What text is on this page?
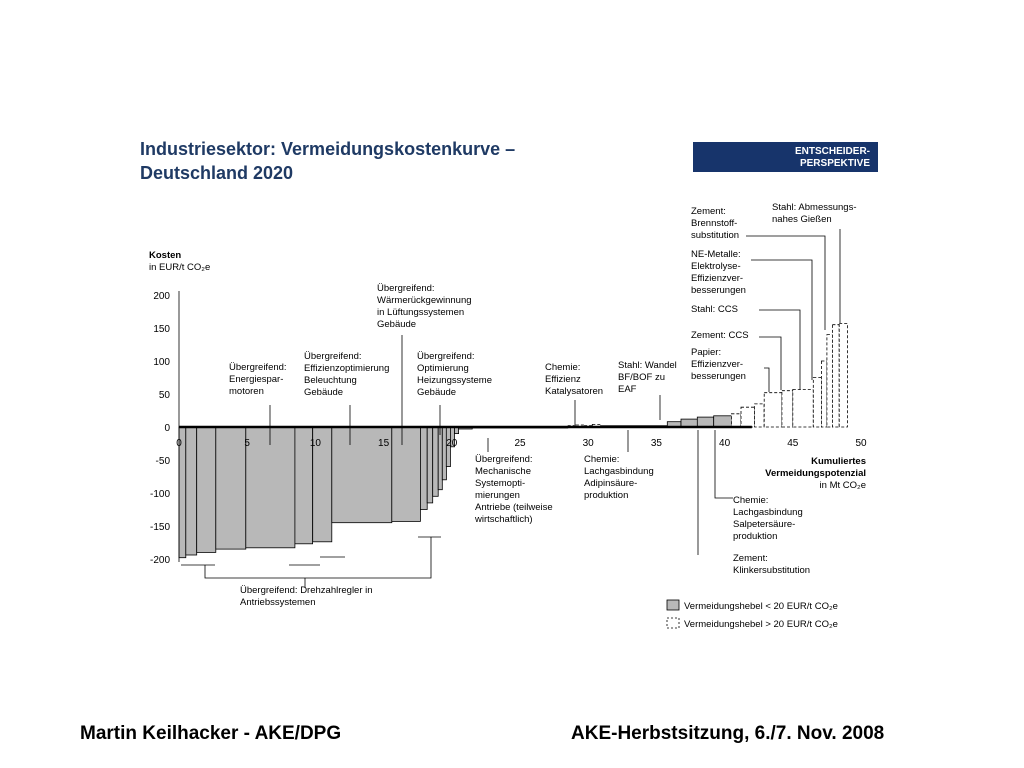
Industriesektor: Vermeidungskostenkurve –
Deutschland 2020
ENTSCHEIDER-
PERSPEKTIVE
Kosten
in EUR/t CO₂e
200
150
100
50
0
-50
-100
-150
-200
0	5	10	15	20	25	30	35	40	45	50
Übergreifend: Drehzahlregler in
Antriebssystemen
Übergreifend:
Energiespar-
motoren
Übergreifend:
Effizienzoptimierung
Beleuchtung
Gebäude
Übergreifend:
Wärmerückgewinnung
in Lüftungssystemen
Gebäude
Übergreifend:
Optimierung
Heizungssysteme
Gebäude
Übergreifend:
Mechanische
Systemopti-
mierungen
Antriebe (teilweise
wirtschaftlich)
Chemie:
Effizienz
Katalysatoren
Chemie:
Lachgasbindung
Adipinsäure-
produktion
Stahl: Wandel
BF/BOF zu
EAF
Chemie:
Lachgasbindung
Salpetersäure-
produktion
Zement:
Klinkersubstitution
Papier:
Effizienzver-
besserungen
Zement: CCS
Stahl: CCS
NE-Metalle:
Elektrolyse-
Effizienzver-
besserungen
Zement:
Brennstoff-
substitution
Stahl: Abmessungs-
nahes Gießen
Kumuliertes
Vermeidungspotenzial
in Mt CO₂e
Vermeidungshebel < 20 EUR/t CO₂e
Vermeidungshebel > 20 EUR/t CO₂e
Martin Keilhacker - AKE/DPG	AKE-Herbstsitzung, 6./7. Nov. 2008
